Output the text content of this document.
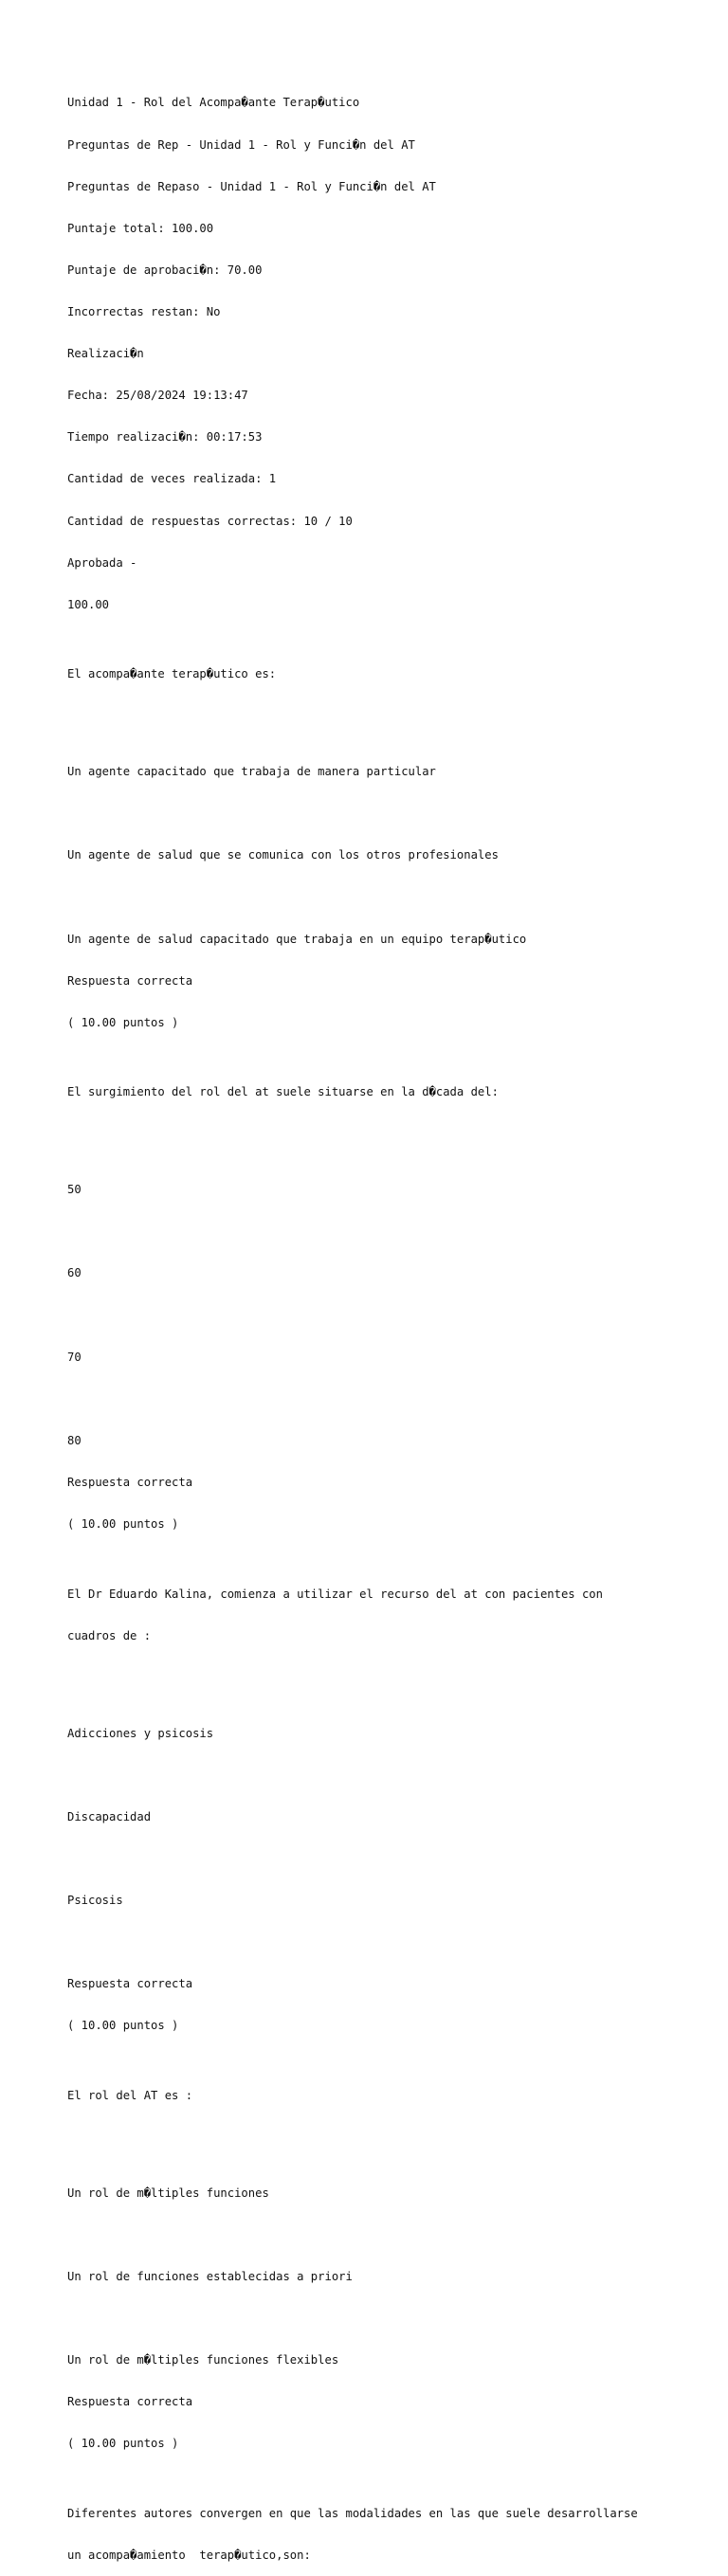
Unidad 1 - Rol del Acompa�ante Terap�utico

Preguntas de Rep - Unidad 1 - Rol y Funci�n del AT

Preguntas de Repaso - Unidad 1 - Rol y Funci�n del AT

Puntaje total: 100.00

Puntaje de aprobaci�n: 70.00

Incorrectas restan: No

Realizaci�n

Fecha: 25/08/2024 19:13:47

Tiempo realizaci�n: 00:17:53

Cantidad de veces realizada: 1

Cantidad de respuestas correctas: 10 / 10

Aprobada -

100.00

El acompa�ante terap�utico es:

Un agente capacitado que trabaja de manera particular

Un agente de salud que se comunica con los otros profesionales

Un agente de salud capacitado que trabaja en un equipo terap�utico

Respuesta correcta

( 10.00 puntos )

El surgimiento del rol del at suele situarse en la d�cada del:

50

60

70

80

Respuesta correcta

( 10.00 puntos )

El Dr Eduardo Kalina, comienza a utilizar el recurso del at con pacientes con

cuadros de :

Adicciones y psicosis

Discapacidad

Psicosis

Respuesta correcta

( 10.00 puntos )

El rol del AT es :

Un rol de m�ltiples funciones

Un rol de funciones establecidas a priori

Un rol de m�ltiples funciones flexibles

Respuesta correcta

( 10.00 puntos )

Diferentes autores convergen en que las modalidades en las que suele desarrollarse

un acompa�amiento  terap�utico,son:
